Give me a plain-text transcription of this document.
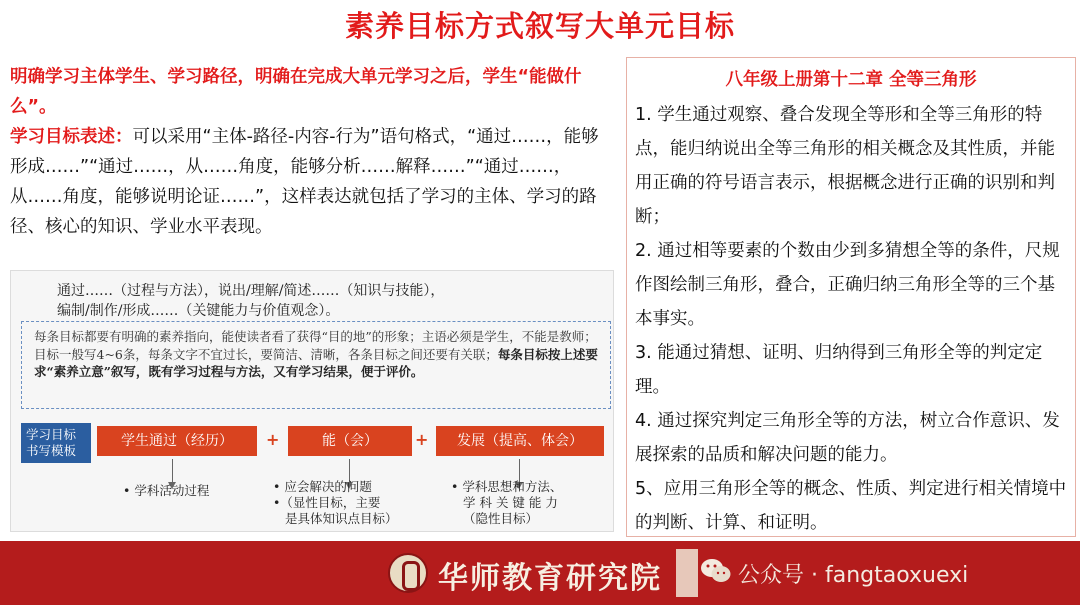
素养目标方式叙写大单元目标
明确学习主体学生、学习路径，明确在完成大单元学习之后，学生“能做什么”。
学习目标表述：可以采用“主体-路径-内容-行为”语句格式，“通过……，能够形成……”“通过……，从……角度，能够分析……解释……”“通过……，从……角度，能够说明论证……”，这样表达就包括了学习的主体、学习的路径、核心的知识、学业水平表现。
通过……（过程与方法），说出/理解/简述……（知识与技能），
编制/制作/形成……（关键能力与价值观念）。
每条目标都要有明确的素养指向，能使读者看了获得“目的地”的形象；主语必须是学生，不能是教师；目标一般写4~6条，每条文字不宜过长，要简洁、清晰，各条目标之间还要有关联；每条目标按上述要求“素养立意”叙写，既有学习过程与方法，又有学习结果，便于评价。
学习目标书写模板
学生通过（经历）	+	能（会）	+	发展（提高、体会）
• 学科活动过程	• 应会解决的问题
•（显性目标，主要
是具体知识点目标）
• 学科思想和方法、
学 科 关 键 能 力
（隐性目标）
八年级上册第十二章 全等三角形

1. 学生通过观察、叠合发现全等形和全等三角形的特点，能归纳说出全等三角形的相关概念及其性质，并能用正确的符号语言表示，根据概念进行正确的识别和判断；

2. 通过相等要素的个数由少到多猜想全等的条件，尺规作图绘制三角形，叠合，正确归纳三角形全等的三个基本事实。

3. 能通过猜想、证明、归纳得到三角形全等的判定定理。

4. 通过探究判定三角形全等的方法，树立合作意识、发展探索的品质和解决问题的能力。

5、应用三角形全等的概念、性质、判定进行相关情境中的判断、计算、和证明。

华师教育研究院	公众号 · fangtaoxuexi
